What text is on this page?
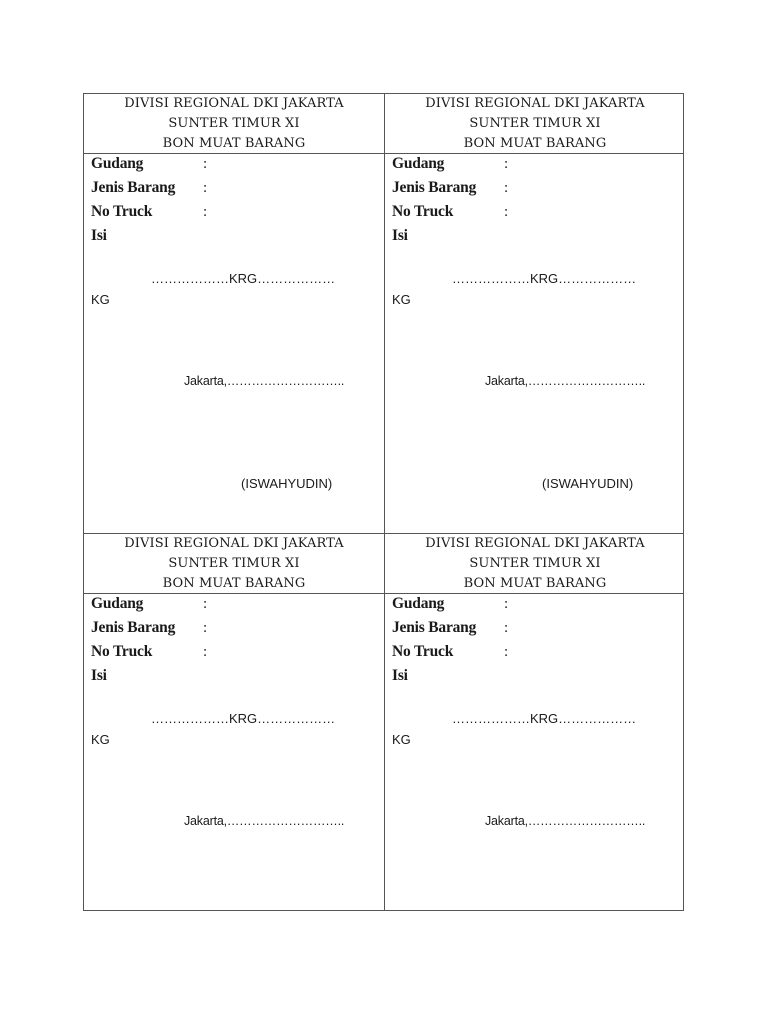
DIVISI REGIONAL DKI JAKARTA
SUNTER TIMUR XI
BON MUAT BARANG
Gudang	:
Jenis Barang :
No Truck	:
Isi
………………KRG………………
KG
Jakarta,………………………..
(ISWAHYUDIN)
DIVISI REGIONAL DKI JAKARTA
SUNTER TIMUR XI
BON MUAT BARANG
Gudang	:
Jenis Barang :
No Truck	:
Isi
………………KRG………………
KG
Jakarta,………………………..
(ISWAHYUDIN)
DIVISI REGIONAL DKI JAKARTA
SUNTER TIMUR XI
BON MUAT BARANG
Gudang	:
Jenis Barang :
No Truck	:
Isi
………………KRG………………
KG
Jakarta,………………………..
DIVISI REGIONAL DKI JAKARTA
SUNTER TIMUR XI
BON MUAT BARANG
Gudang	:
Jenis Barang :
No Truck	:
Isi
………………KRG………………
KG
Jakarta,………………………..
